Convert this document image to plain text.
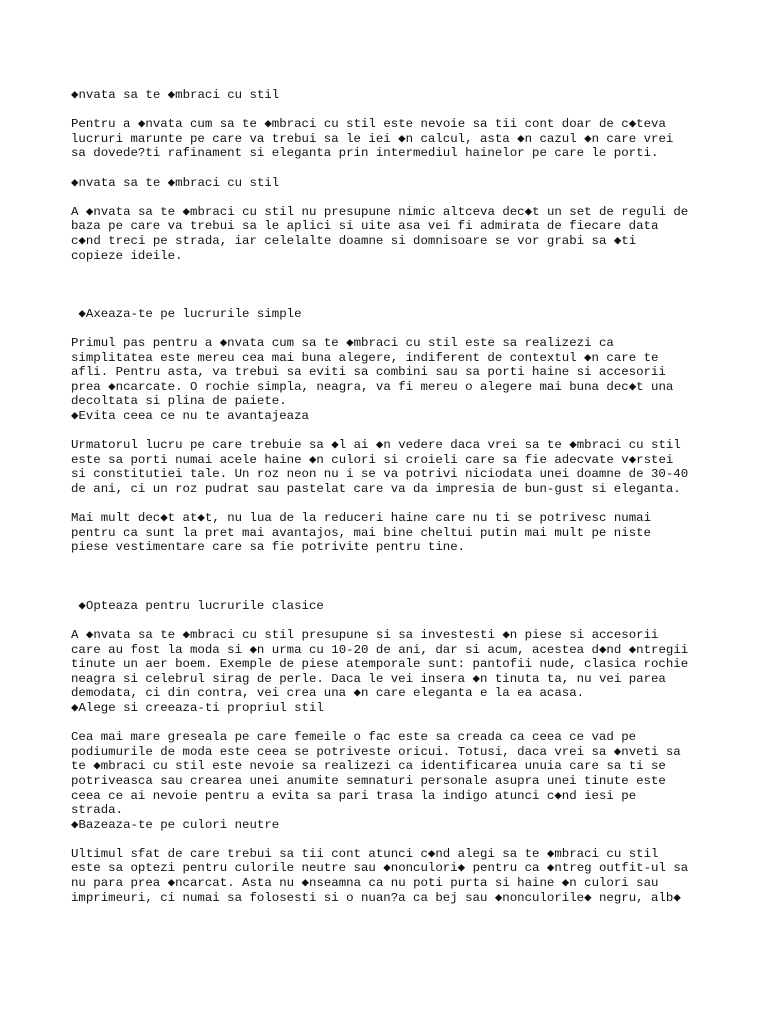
◆nvata sa te ◆mbraci cu stil
Pentru a ◆nvata cum sa te ◆mbraci cu stil este nevoie sa tii cont doar de c◆teva
lucruri marunte pe care va trebui sa le iei ◆n calcul, asta ◆n cazul ◆n care vrei
sa dovede?ti rafinament si eleganta prin intermediul hainelor pe care le porti.
◆nvata sa te ◆mbraci cu stil
A ◆nvata sa te ◆mbraci cu stil nu presupune nimic altceva dec◆t un set de reguli de
baza pe care va trebui sa le aplici si uite asa vei fi admirata de fiecare data
c◆nd treci pe strada, iar celelalte doamne si domnisoare se vor grabi sa ◆ti
copieze ideile.
◆Axeaza-te pe lucrurile simple
Primul pas pentru a ◆nvata cum sa te ◆mbraci cu stil este sa realizezi ca
simplitatea este mereu cea mai buna alegere, indiferent de contextul ◆n care te
afli. Pentru asta, va trebui sa eviti sa combini sau sa porti haine si accesorii
prea ◆ncarcate. O rochie simpla, neagra, va fi mereu o alegere mai buna dec◆t una
decoltata si plina de paiete.
◆Evita ceea ce nu te avantajeaza
Urmatorul lucru pe care trebuie sa ◆l ai ◆n vedere daca vrei sa te ◆mbraci cu stil
este sa porti numai acele haine ◆n culori si croieli care sa fie adecvate v◆rstei
si constitutiei tale. Un roz neon nu i se va potrivi niciodata unei doamne de 30-40
de ani, ci un roz pudrat sau pastelat care va da impresia de bun-gust si eleganta.
Mai mult dec◆t at◆t, nu lua de la reduceri haine care nu ti se potrivesc numai
pentru ca sunt la pret mai avantajos, mai bine cheltui putin mai mult pe niste
piese vestimentare care sa fie potrivite pentru tine.
◆Opteaza pentru lucrurile clasice
A ◆nvata sa te ◆mbraci cu stil presupune si sa investesti ◆n piese si accesorii
care au fost la moda si ◆n urma cu 10-20 de ani, dar si acum, acestea d◆nd ◆ntregii
tinute un aer boem. Exemple de piese atemporale sunt: pantofii nude, clasica rochie
neagra si celebrul sirag de perle. Daca le vei insera ◆n tinuta ta, nu vei parea
demodata, ci din contra, vei crea una ◆n care eleganta e la ea acasa.
◆Alege si creeaza-ti propriul stil
Cea mai mare greseala pe care femeile o fac este sa creada ca ceea ce vad pe
podiumurile de moda este ceea se potriveste oricui. Totusi, daca vrei sa ◆nveti sa
te ◆mbraci cu stil este nevoie sa realizezi ca identificarea unuia care sa ti se
potriveasca sau crearea unei anumite semnaturi personale asupra unei tinute este
ceea ce ai nevoie pentru a evita sa pari trasa la indigo atunci c◆nd iesi pe
strada.
◆Bazeaza-te pe culori neutre
Ultimul sfat de care trebui sa tii cont atunci c◆nd alegi sa te ◆mbraci cu stil
este sa optezi pentru culorile neutre sau ◆nonculori◆ pentru ca ◆ntreg outfit-ul sa
nu para prea ◆ncarcat. Asta nu ◆nseamna ca nu poti purta si haine ◆n culori sau
imprimeuri, ci numai sa folosesti si o nuan?a ca bej sau ◆nonculorile◆ negru, alb◆
